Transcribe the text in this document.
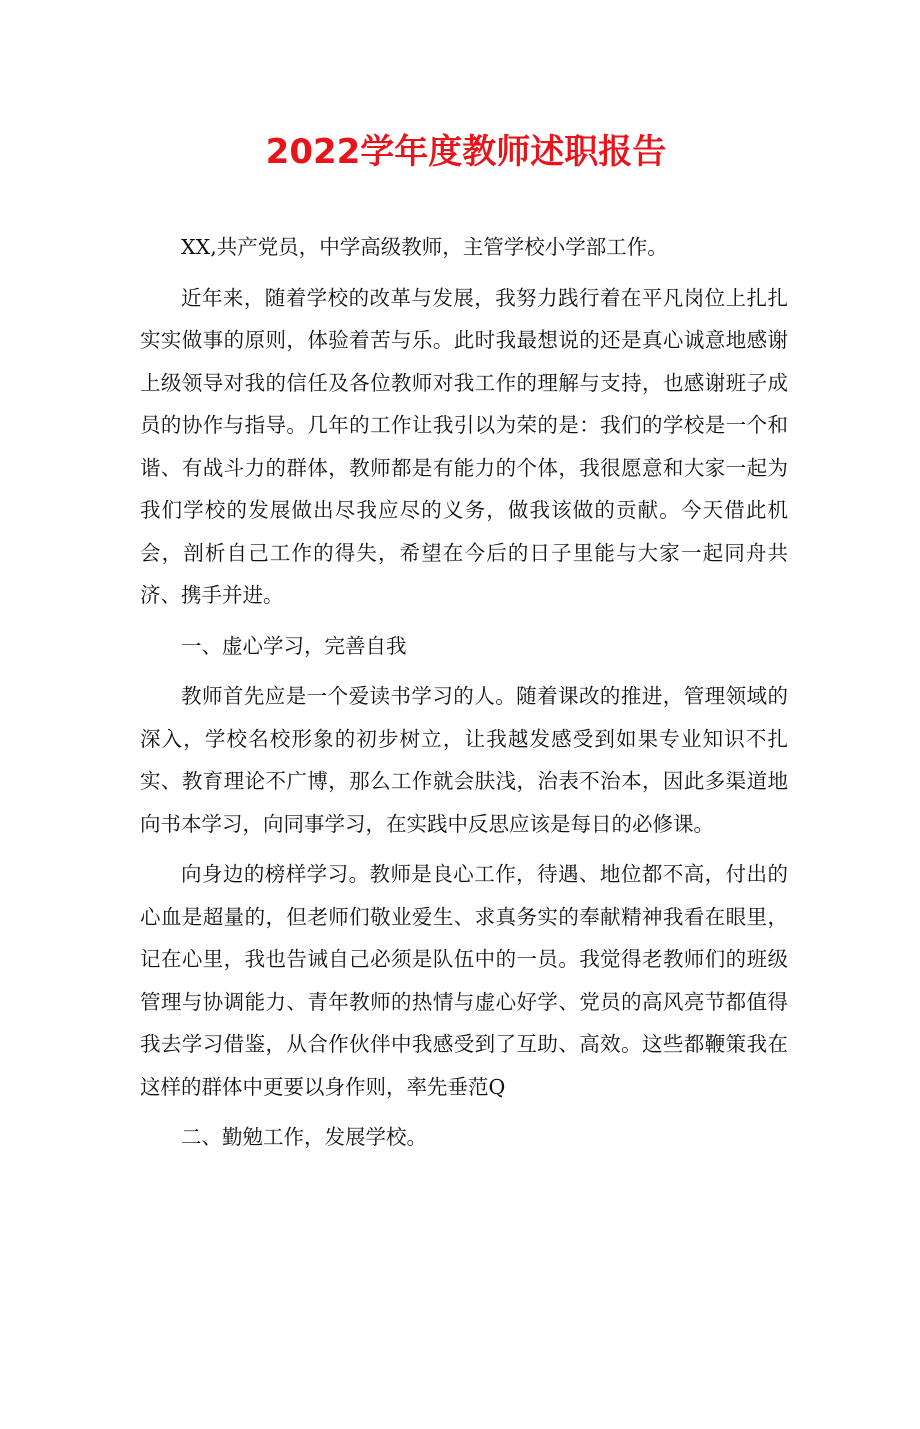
2022学年度教师述职报告

XX,共产党员，中学高级教师，主管学校小学部工作。

近年来，随着学校的改革与发展，我努力践行着在平凡岗位上扎扎实实做事的原则，体验着苦与乐。此时我最想说的还是真心诚意地感谢上级领导对我的信任及各位教师对我工作的理解与支持，也感谢班子成员的协作与指导。几年的工作让我引以为荣的是：我们的学校是一个和谐、有战斗力的群体，教师都是有能力的个体，我很愿意和大家一起为我们学校的发展做出尽我应尽的义务，做我该做的贡献。今天借此机会，剖析自己工作的得失，希望在今后的日子里能与大家一起同舟共济、携手并进。

一、虚心学习，完善自我

教师首先应是一个爱读书学习的人。随着课改的推进，管理领域的深入，学校名校形象的初步树立，让我越发感受到如果专业知识不扎实、教育理论不广博，那么工作就会肤浅，治表不治本，因此多渠道地向书本学习，向同事学习，在实践中反思应该是每日的必修课。

向身边的榜样学习。教师是良心工作，待遇、地位都不高，付出的心血是超量的，但老师们敬业爱生、求真务实的奉献精神我看在眼里，记在心里，我也告诫自己必须是队伍中的一员。我觉得老教师们的班级管理与协调能力、青年教师的热情与虚心好学、党员的高风亮节都值得我去学习借鉴，从合作伙伴中我感受到了互助、高效。这些都鞭策我在这样的群体中更要以身作则，率先垂范Q

二、勤勉工作，发展学校。
